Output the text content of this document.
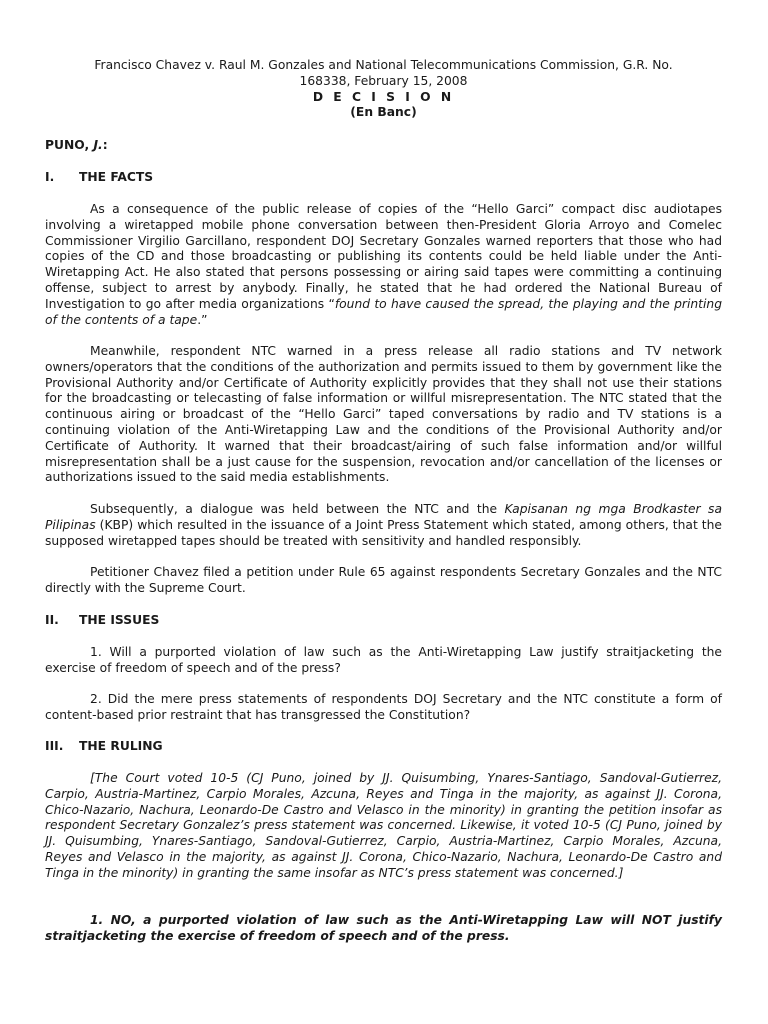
Francisco Chavez v. Raul M. Gonzales and National Telecommunications Commission, G.R. No.
168338, February 15, 2008
D E C I S I O N
(En Banc)
PUNO, J.:
I. THE FACTS

As a consequence of the public release of copies of the “Hello Garci” compact disc audiotapes involving a wiretapped mobile phone conversation between then-President Gloria Arroyo and Comelec Commissioner Virgilio Garcillano, respondent DOJ Secretary Gonzales warned reporters that those who had copies of the CD and those broadcasting or publishing its contents could be held liable under the Anti-Wiretapping Act. He also stated that persons possessing or airing said tapes were committing a continuing offense, subject to arrest by anybody. Finally, he stated that he had ordered the National Bureau of Investigation to go after media organizations “found to have caused the spread, the playing and the printing of the contents of a tape.”

Meanwhile, respondent NTC warned in a press release all radio stations and TV network owners/operators that the conditions of the authorization and permits issued to them by government like the Provisional Authority and/or Certificate of Authority explicitly provides that they shall not use their stations for the broadcasting or telecasting of false information or willful misrepresentation. The NTC stated that the continuous airing or broadcast of the “Hello Garci” taped conversations by radio and TV stations is a continuing violation of the Anti-Wiretapping Law and the conditions of the Provisional Authority and/or Certificate of Authority. It warned that their broadcast/airing of such false information and/or willful misrepresentation shall be a just cause for the suspension, revocation and/or cancellation of the licenses or authorizations issued to the said media establishments.

Subsequently, a dialogue was held between the NTC and the Kapisanan ng mga Brodkaster sa Pilipinas (KBP) which resulted in the issuance of a Joint Press Statement which stated, among others, that the supposed wiretapped tapes should be treated with sensitivity and handled responsibly.

Petitioner Chavez filed a petition under Rule 65 against respondents Secretary Gonzales and the NTC directly with the Supreme Court.

II. THE ISSUES

1. Will a purported violation of law such as the Anti-Wiretapping Law justify straitjacketing the exercise of freedom of speech and of the press?

2. Did the mere press statements of respondents DOJ Secretary and the NTC constitute a form of content-based prior restraint that has transgressed the Constitution?

III. THE RULING

[The Court voted 10-5 (CJ Puno, joined by JJ. Quisumbing, Ynares-Santiago, Sandoval-Gutierrez, Carpio, Austria-Martinez, Carpio Morales, Azcuna, Reyes and Tinga in the majority, as against JJ. Corona, Chico-Nazario, Nachura, Leonardo-De Castro and Velasco in the minority) in granting the petition insofar as respondent Secretary Gonzalez’s press statement was concerned. Likewise, it voted 10-5 (CJ Puno, joined by JJ. Quisumbing, Ynares-Santiago, Sandoval-Gutierrez, Carpio, Austria-Martinez, Carpio Morales, Azcuna, Reyes and Velasco in the majority, as against JJ. Corona, Chico-Nazario, Nachura, Leonardo-De Castro and Tinga in the minority) in granting the same insofar as NTC’s press statement was concerned.]

1. NO, a purported violation of law such as the Anti-Wiretapping Law will NOT justify straitjacketing the exercise of freedom of speech and of the press.
